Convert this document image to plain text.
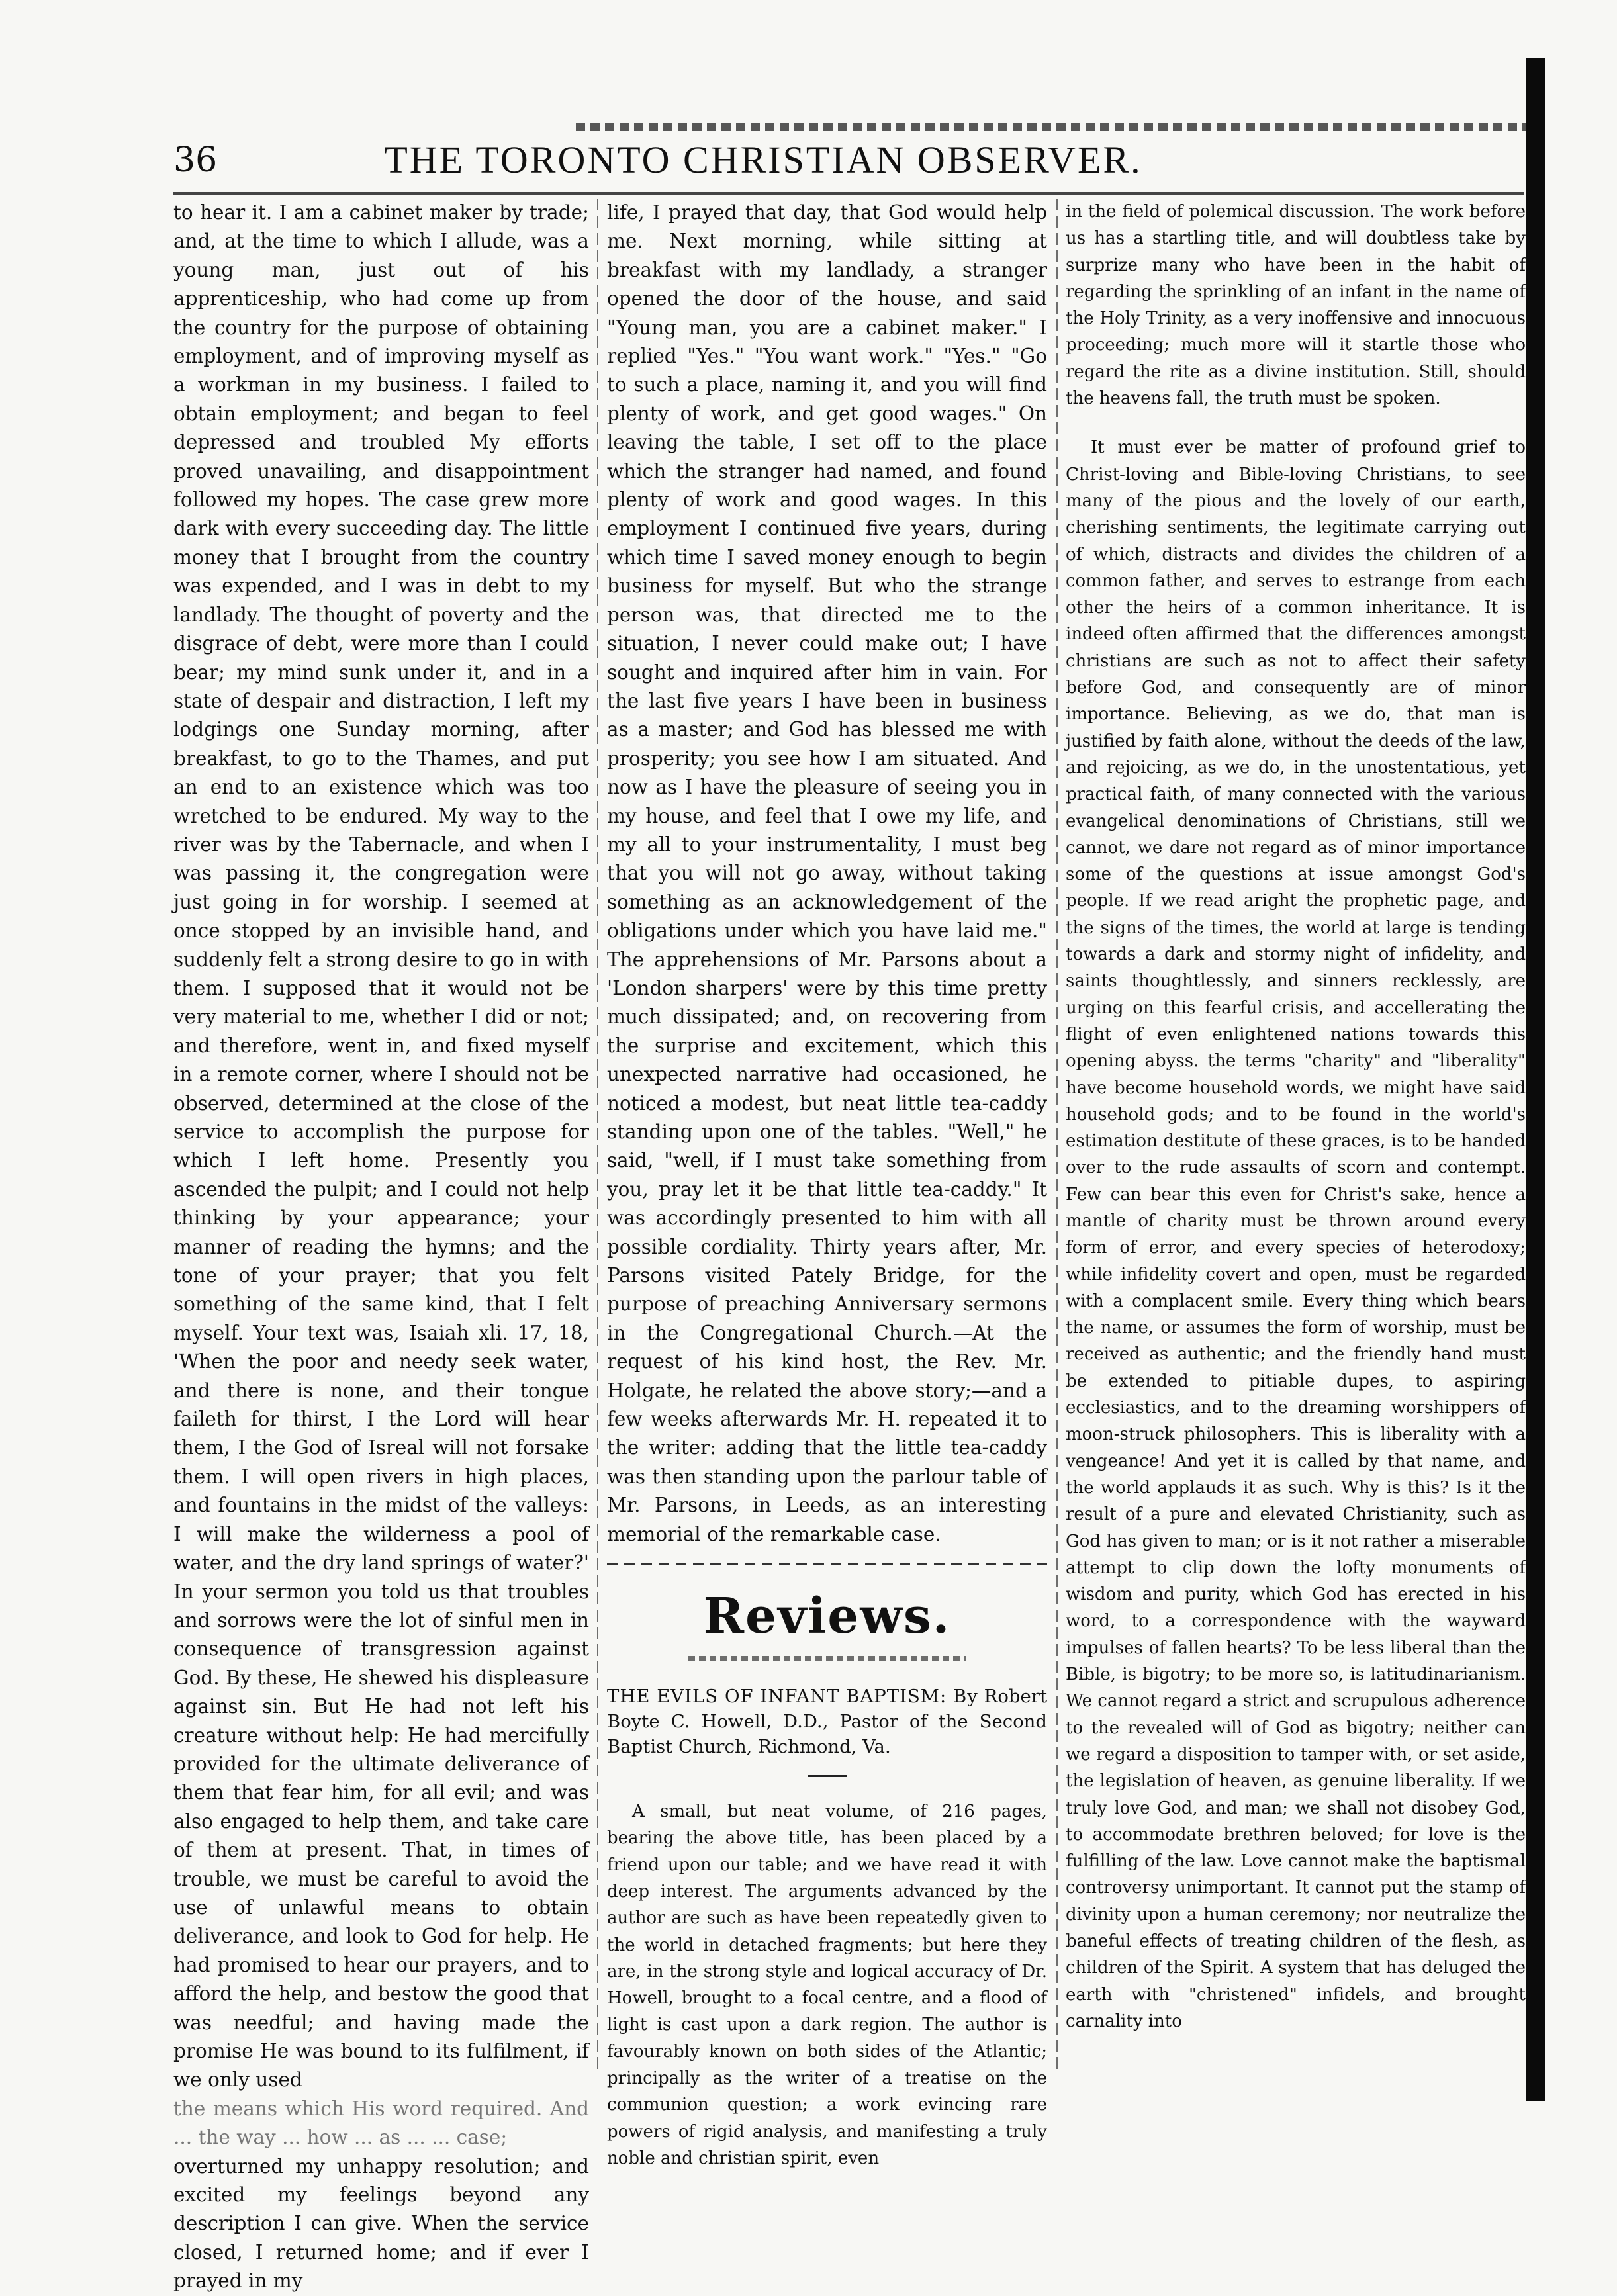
36	THE TORONTO CHRISTIAN OBSERVER.

to hear it. I am a cabinet maker by trade; and, at the time to which I allude, was a young man, just out of his apprenticeship, who had come up from the country for the purpose of obtaining employment, and of improving myself as a workman in my business. I failed to obtain employment; and began to feel depressed and troubled My efforts proved unavailing, and disappointment followed my hopes. The case grew more dark with every succeeding day. The little money that I brought from the country was expended, and I was in debt to my landlady. The thought of poverty and the disgrace of debt, were more than I could bear; my mind sunk under it, and in a state of despair and distraction, I left my lodgings one Sunday morning, after breakfast, to go to the Thames, and put an end to an existence which was too wretched to be endured. My way to the river was by the Tabernacle, and when I was passing it, the congregation were just going in for worship. I seemed at once stopped by an invisible hand, and suddenly felt a strong desire to go in with them. I supposed that it would not be very material to me, whether I did or not; and therefore, went in, and fixed myself in a remote corner, where I should not be observed, determined at the close of the service to accomplish the purpose for which I left home. Presently you ascended the pulpit; and I could not help thinking by your appearance; your manner of reading the hymns; and the tone of your prayer; that you felt something of the same kind, that I felt myself. Your text was, Isaiah xli. 17, 18, 'When the poor and needy seek water, and there is none, and their tongue faileth for thirst, I the Lord will hear them, I the God of Isreal will not forsake them. I will open rivers in high places, and fountains in the midst of the valleys: I will make the wilderness a pool of water, and the dry land springs of water?' In your sermon you told us that troubles and sorrows were the lot of sinful men in consequence of transgression against God. By these, He shewed his displeasure against sin. But He had not left his creature without help: He had mercifully provided for the ultimate deliverance of them that fear him, for all evil; and was also engaged to help them, and take care of them at present. That, in times of trouble, we must be careful to avoid the use of unlawful means to obtain deliverance, and look to God for help. He had promised to hear our prayers, and to afford the help, and bestow the good that was needful; and having made the promise He was bound to its fulfilment, if we only used

the means which His word required. And ... the way ... how ... as ... ... case;

overturned my unhappy resolution; and excited my feelings beyond any description I can give. When the service closed, I returned home; and if ever I prayed in my

life, I prayed that day, that God would help me. Next morning, while sitting at breakfast with my landlady, a stranger opened the door of the house, and said "Young man, you are a cabinet maker." I replied "Yes." "You want work." "Yes." "Go to such a place, naming it, and you will find plenty of work, and get good wages." On leaving the table, I set off to the place which the stranger had named, and found plenty of work and good wages. In this employment I continued five years, during which time I saved money enough to begin business for myself. But who the strange person was, that directed me to the situation, I never could make out; I have sought and inquired after him in vain. For the last five years I have been in business as a master; and God has blessed me with prosperity; you see how I am situated. And now as I have the pleasure of seeing you in my house, and feel that I owe my life, and my all to your instrumentality, I must beg that you will not go away, without taking something as an acknowledgement of the obligations under which you have laid me." The apprehensions of Mr. Parsons about a 'London sharpers' were by this time pretty much dissipated; and, on recovering from the surprise and excitement, which this unexpected narrative had occasioned, he noticed a modest, but neat little tea-caddy standing upon one of the tables. "Well," he said, "well, if I must take something from you, pray let it be that little tea-caddy." It was accordingly presented to him with all possible cordiality. Thirty years after, Mr. Parsons visited Pately Bridge, for the purpose of preaching Anniversary sermons in the Congregational Church.—At the request of his kind host, the Rev. Mr. Holgate, he related the above story;—and a few weeks afterwards Mr. H. repeated it to the writer: adding that the little tea-caddy was then standing upon the parlour table of Mr. Parsons, in Leeds, as an interesting memorial of the remarkable case.

Reviews.
THE EVILS OF INFANT BAPTISM: By Robert Boyte C. Howell, D.D., Pastor of the Second Baptist Church, Richmond, Va.

A small, but neat volume, of 216 pages, bearing the above title, has been placed by a friend upon our table; and we have read it with deep interest. The arguments advanced by the author are such as have been repeatedly given to the world in detached fragments; but here they are, in the strong style and logical accuracy of Dr. Howell, brought to a focal centre, and a flood of light is cast upon a dark region. The author is favourably known on both sides of the Atlantic; principally as the writer of a treatise on the communion question; a work evincing rare powers of rigid analysis, and manifesting a truly noble and christian spirit, even

in the field of polemical discussion. The work before us has a startling title, and will doubtless take by surprize many who have been in the habit of regarding the sprinkling of an infant in the name of the Holy Trinity, as a very inoffensive and innocuous proceeding; much more will it startle those who regard the rite as a divine institution. Still, should the heavens fall, the truth must be spoken.

It must ever be matter of profound grief to Christ-loving and Bible-loving Christians, to see many of the pious and the lovely of our earth, cherishing sentiments, the legitimate carrying out of which, distracts and divides the children of a common father, and serves to estrange from each other the heirs of a common inheritance. It is indeed often affirmed that the differences amongst christians are such as not to affect their safety before God, and consequently are of minor importance. Believing, as we do, that man is justified by faith alone, without the deeds of the law, and rejoicing, as we do, in the unostentatious, yet practical faith, of many connected with the various evangelical denominations of Christians, still we cannot, we dare not regard as of minor importance some of the questions at issue amongst God's people. If we read aright the prophetic page, and the signs of the times, the world at large is tending towards a dark and stormy night of infidelity, and saints thoughtlessly, and sinners recklessly, are urging on this fearful crisis, and accellerating the flight of even enlightened nations towards this opening abyss. the terms "charity" and "liberality" have become household words, we might have said household gods; and to be found in the world's estimation destitute of these graces, is to be handed over to the rude assaults of scorn and contempt. Few can bear this even for Christ's sake, hence a mantle of charity must be thrown around every form of error, and every species of heterodoxy; while infidelity covert and open, must be regarded with a complacent smile. Every thing which bears the name, or assumes the form of worship, must be received as authentic; and the friendly hand must be extended to pitiable dupes, to aspiring ecclesiastics, and to the dreaming worshippers of moon-struck philosophers. This is liberality with a vengeance! And yet it is called by that name, and the world applauds it as such. Why is this? Is it the result of a pure and elevated Christianity, such as God has given to man; or is it not rather a miserable attempt to clip down the lofty monuments of wisdom and purity, which God has erected in his word, to a correspondence with the wayward impulses of fallen hearts? To be less liberal than the Bible, is bigotry; to be more so, is latitudinarianism. We cannot regard a strict and scrupulous adherence to the revealed will of God as bigotry; neither can we regard a disposition to tamper with, or set aside, the legislation of heaven, as genuine liberality. If we truly love God, and man; we shall not disobey God, to accommodate brethren beloved; for love is the fulfilling of the law. Love cannot make the baptismal controversy unimportant. It cannot put the stamp of divinity upon a human ceremony; nor neutralize the baneful effects of treating children of the flesh, as children of the Spirit. A system that has deluged the earth with "christened" infidels, and brought carnality into
